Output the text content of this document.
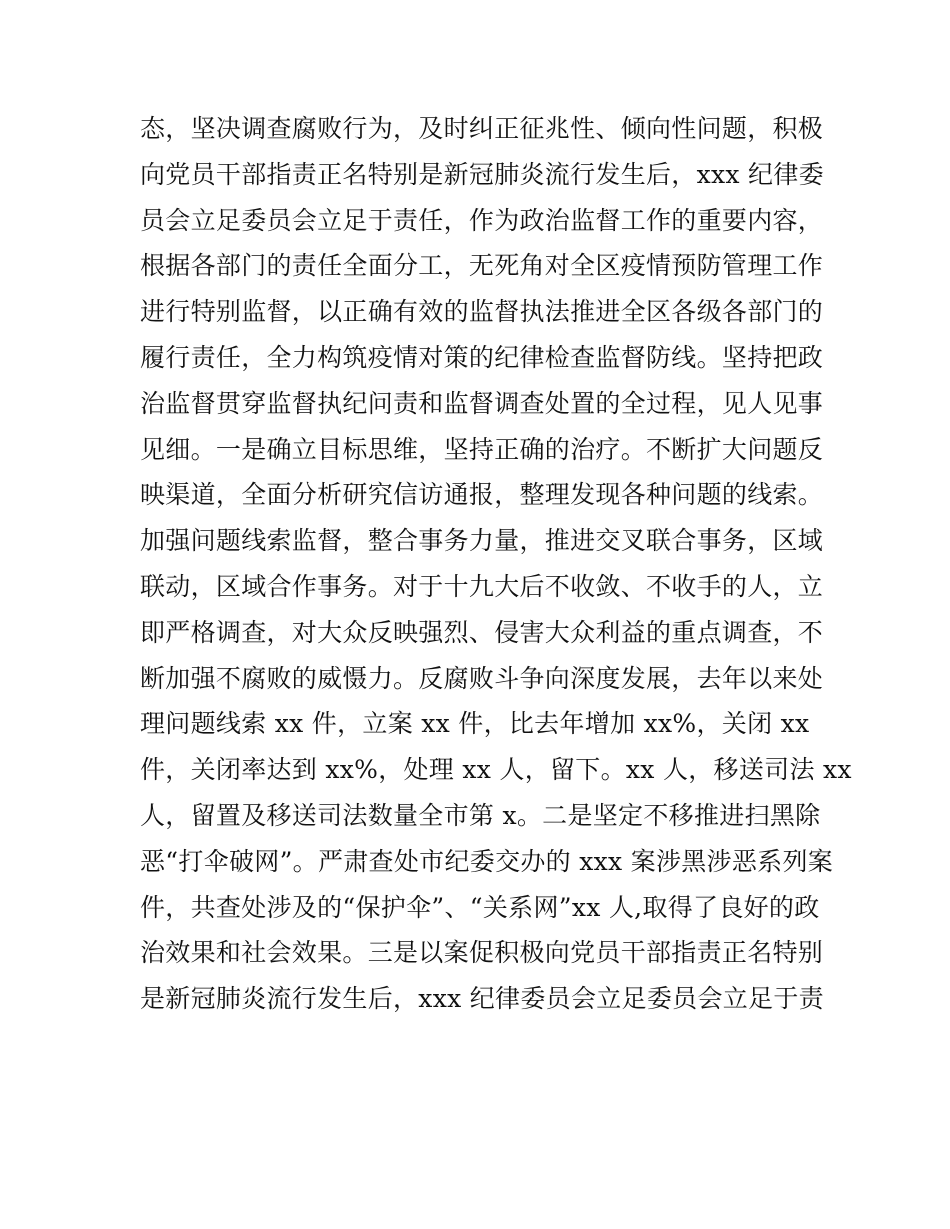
态，坚决调查腐败行为，及时纠正征兆性、倾向性问题，积极
向党员干部指责正名特别是新冠肺炎流行发生后，xxx 纪律委
员会立足委员会立足于责任，作为政治监督工作的重要内容，
根据各部门的责任全面分工，无死角对全区疫情预防管理工作
进行特别监督，以正确有效的监督执法推进全区各级各部门的
履行责任，全力构筑疫情对策的纪律检查监督防线。坚持把政
治监督贯穿监督执纪问责和监督调查处置的全过程，见人见事
见细。一是确立目标思维，坚持正确的治疗。不断扩大问题反
映渠道，全面分析研究信访通报，整理发现各种问题的线索。
加强问题线索监督，整合事务力量，推进交叉联合事务，区域
联动，区域合作事务。对于十九大后不收敛、不收手的人，立
即严格调查，对大众反映强烈、侵害大众利益的重点调查，不
断加强不腐败的威慑力。反腐败斗争向深度发展，去年以来处
理问题线索 xx 件，立案 xx 件，比去年增加 xx%，关闭 xx
件，关闭率达到 xx%，处理 xx 人，留下。xx 人，移送司法 xx
人，留置及移送司法数量全市第 x。二是坚定不移推进扫黑除
恶“打伞破网”。严肃查处市纪委交办的 xxx 案涉黑涉恶系列案
件，共查处涉及的“保护伞”、“关系网”xx 人,取得了良好的政
治效果和社会效果。三是以案促积极向党员干部指责正名特别
是新冠肺炎流行发生后，xxx 纪律委员会立足委员会立足于责
